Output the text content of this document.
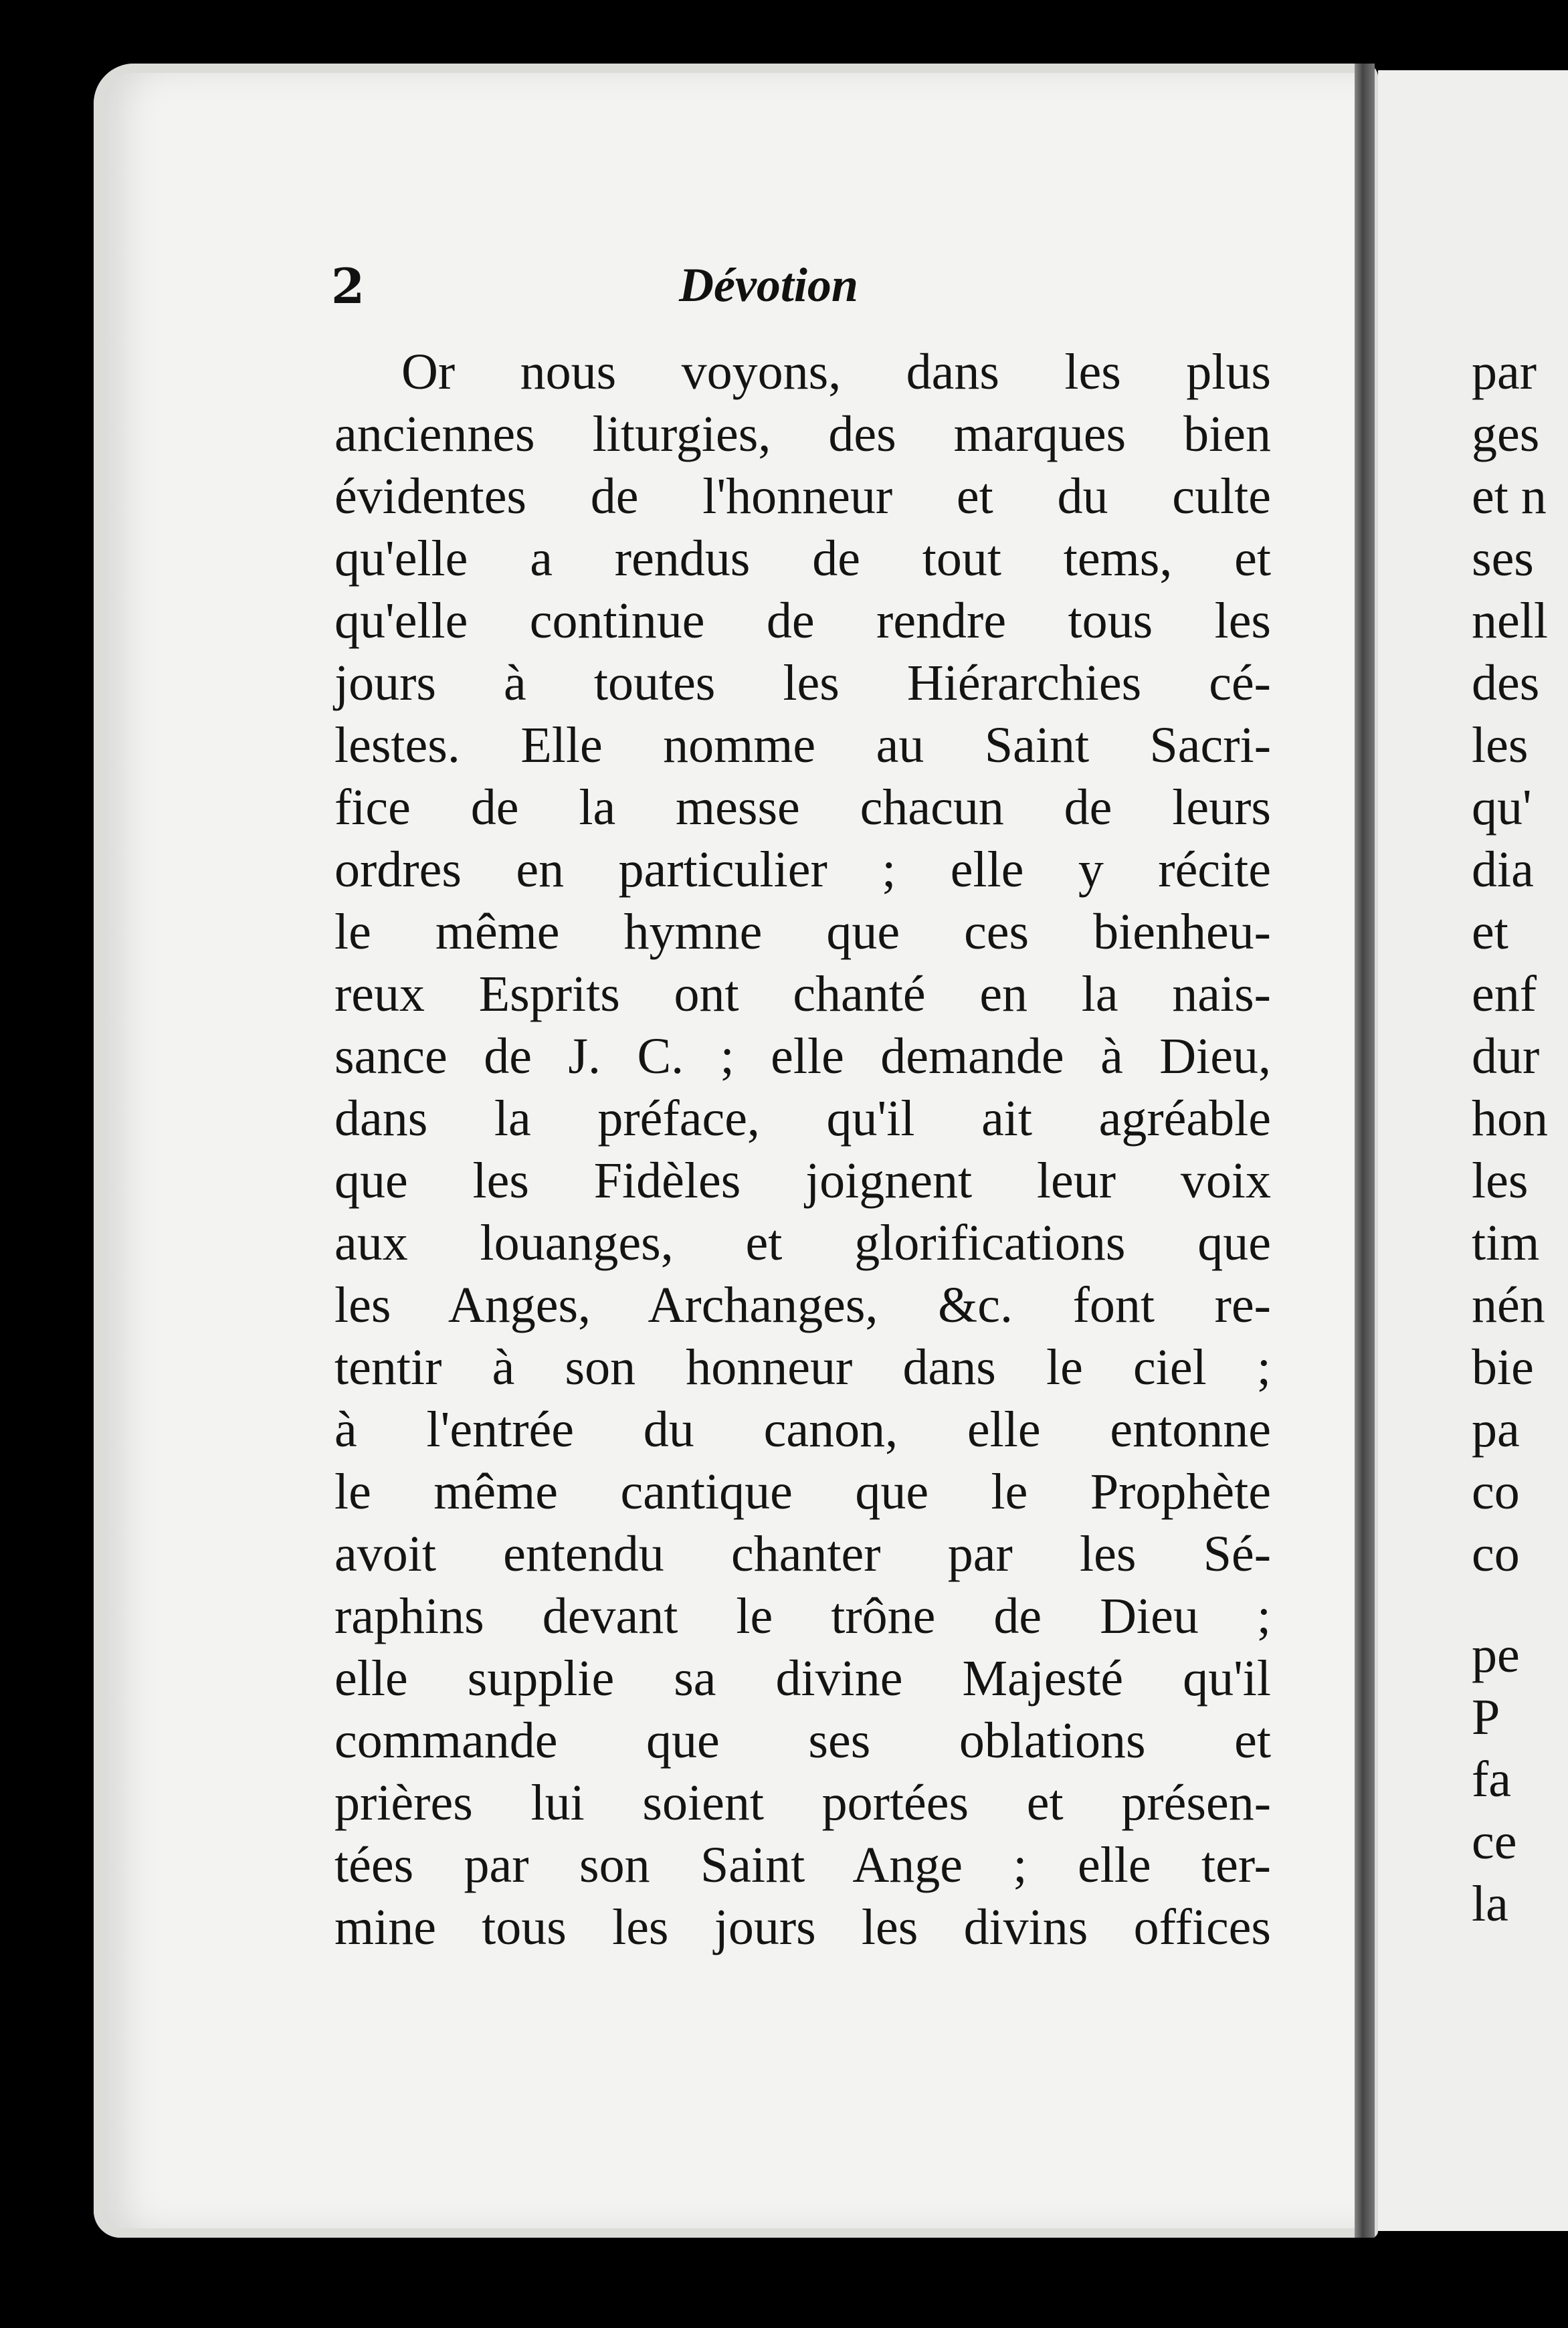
2	Dévotion
Or nous voyons, dans les plus
anciennes liturgies, des marques bien
évidentes de l'honneur et du culte
qu'elle a rendus de tout tems, et
qu'elle continue de rendre tous les
jours à toutes les Hiérarchies cé-
lestes. Elle nomme au Saint Sacri-
fice de la messe chacun de leurs
ordres en particulier ; elle y récite
le même hymne que ces bienheu-
reux Esprits ont chanté en la nais-
sance de J. C. ; elle demande à Dieu,
dans la préface, qu'il ait agréable
que les Fidèles joignent leur voix
aux louanges, et glorifications que
les Anges, Archanges, &c. font re-
tentir à son honneur dans le ciel ;
à l'entrée du canon, elle entonne
le même cantique que le Prophète
avoit entendu chanter par les Sé-
raphins devant le trône de Dieu ;
elle supplie sa divine Majesté qu'il
commande que ses oblations et
prières lui soient portées et présen-
tées par son Saint Ange ; elle ter-
mine tous les jours les divins offices
par
ges
et n
ses
nell
des
les
qu'
dia
et
enf
dur
hon
les
tim
nén
bie
pa
co
co
pe
P
fa
ce
la
